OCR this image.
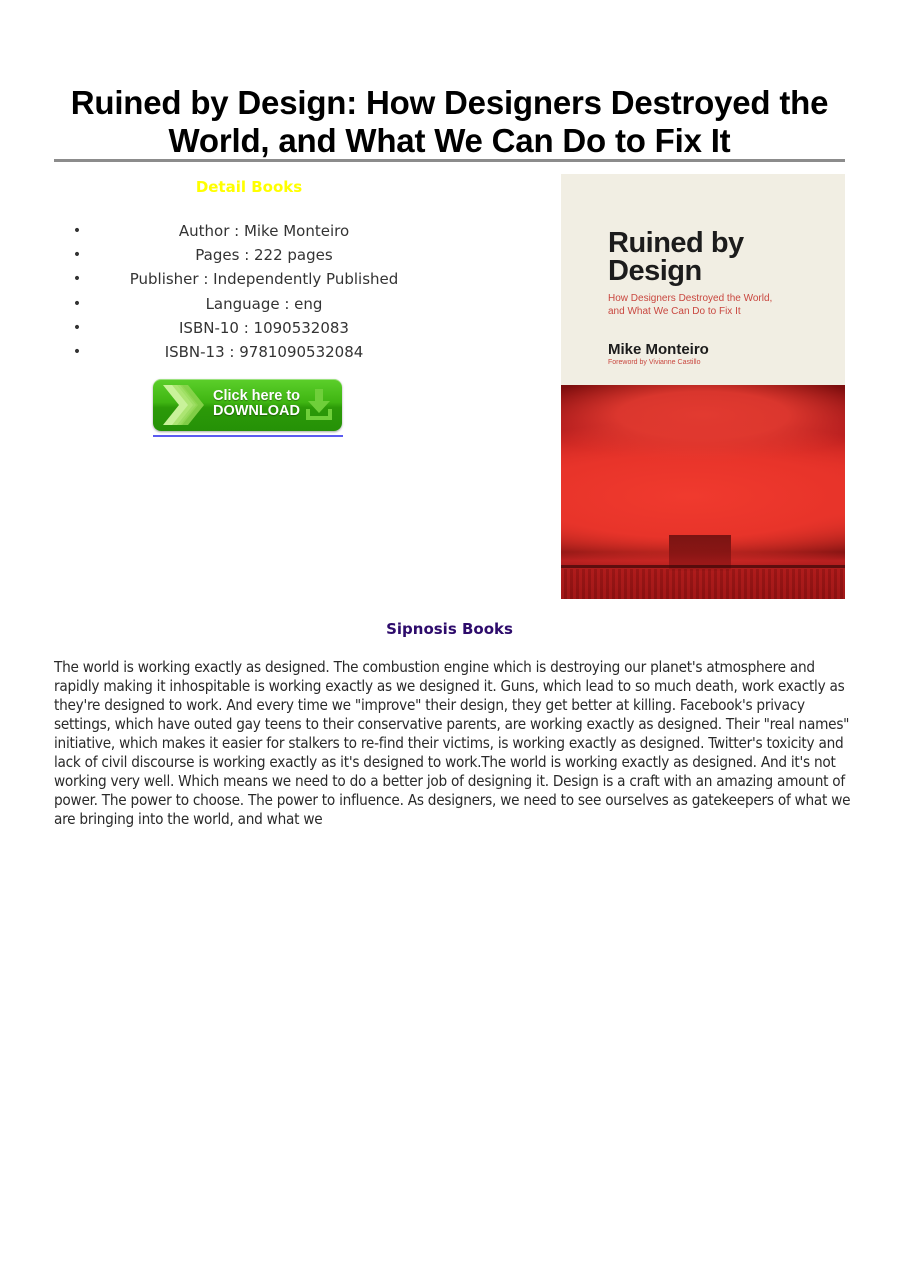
Ruined by Design: How Designers Destroyed the World, and What We Can Do to Fix It
Detail Books
•	Author : Mike Monteiro
•	Pages : 222 pages
•	Publisher : Independently Published
•	Language : eng
•	ISBN-10 : 1090532083
•	ISBN-13 : 9781090532084
Click here to
DOWNLOAD
Ruined by
Design
How Designers Destroyed the World,
and What We Can Do to Fix It
Mike Monteiro
Foreword by Vivianne Castillo
Sipnosis Books

The world is working exactly as designed. The combustion engine which is destroying our planet's atmosphere and rapidly making it inhospitable is working exactly as we designed it. Guns, which lead to so much death, work exactly as they're designed to work. And every time we "improve" their design, they get better at killing. Facebook's privacy settings, which have outed gay teens to their conservative parents, are working exactly as designed. Their "real names" initiative, which makes it easier for stalkers to re-find their victims, is working exactly as designed. Twitter's toxicity and lack of civil discourse is working exactly as it's designed to work.The world is working exactly as designed. And it's not working very well. Which means we need to do a better job of designing it. Design is a craft with an amazing amount of power. The power to choose. The power to influence. As designers, we need to see ourselves as gatekeepers of what we are bringing into the world, and what we
